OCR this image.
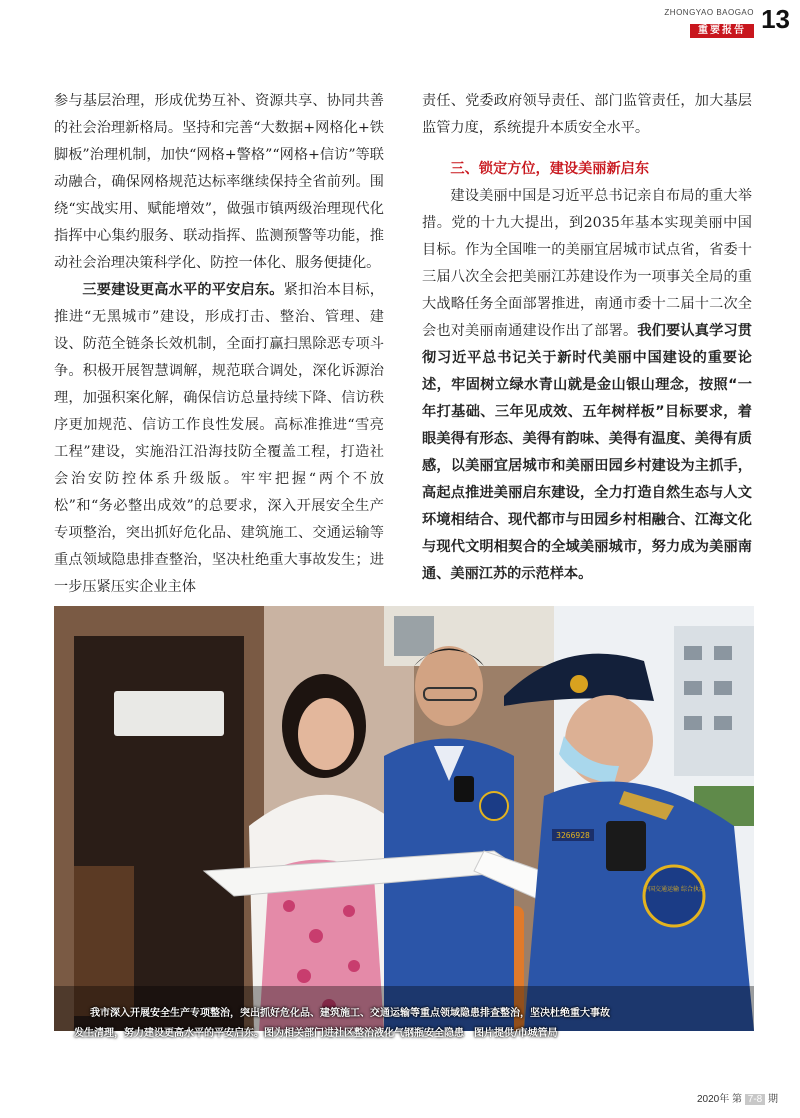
ZHONGYAO BAOGAO
重要报告 13

参与基层治理，形成优势互补、资源共享、协同共善的社会治理新格局。坚持和完善“大数据+网格化+铁脚板”治理机制，加快“网格+警格”“网格+信访”等联动融合，确保网格规范达标率继续保持全省前列。围绕“实战实用、赋能增效”，做强市镇两级治理现代化指挥中心集约服务、联动指挥、监测预警等功能，推动社会治理决策科学化、防控一体化、服务便捷化。

三要建设更高水平的平安启东。紧扣治本目标，推进“无黑城市”建设，形成打击、整治、管理、建设、防范全链条长效机制，全面打赢扫黑除恶专项斗争。积极开展智慧调解，规范联合调处，深化诉源治理，加强积案化解，确保信访总量持续下降、信访秩序更加规范、信访工作良性发展。高标准推进“雪亮工程”建设，实施沿江沿海技防全覆盖工程，打造社会治安防控体系升级版。牢牢把握“两个不放松”和“务必整出成效”的总要求，深入开展安全生产专项整治，突出抓好危化品、建筑施工、交通运输等重点领域隐患排查整治，坚决杜绝重大事故发生；进一步压紧压实企业主体

责任、党委政府领导责任、部门监管责任，加大基层监管力度，系统提升本质安全水平。

三、锁定方位，建设美丽新启东

建设美丽中国是习近平总书记亲自布局的重大举措。党的十九大提出，到2035年基本实现美丽中国目标。作为全国唯一的美丽宜居城市试点省，省委十三届八次全会把美丽江苏建设作为一项事关全局的重大战略任务全面部署推进，南通市委十二届十二次全会也对美丽南通建设作出了部署。我们要认真学习贯彻习近平总书记关于新时代美丽中国建设的重要论述，牢固树立绿水青山就是金山银山理念，按照“一年打基础、三年见成效、五年树样板”目标要求，着眼美得有形态、美得有韵味、美得有温度、美得有质感，以美丽宜居城市和美丽田园乡村建设为主抓手，高起点推进美丽启东建设，全力打造自然生态与人文环境相结合、现代都市与田园乡村相融合、江海文化与现代文明相契合的全域美丽城市，努力成为美丽南通、美丽江苏的示范样本。

中国交通运输 综合执法
3266928

我市深入开展安全生产专项整治，突出抓好危化品、建筑施工、交通运输等重点领域隐患排查整治，坚决杜绝重大事故

发生清理，努力建设更高水平的平安启东。图为相关部门进社区整治液化气钢瓶安全隐患　图片提供/市城管局

2020年 第 7-8 期
